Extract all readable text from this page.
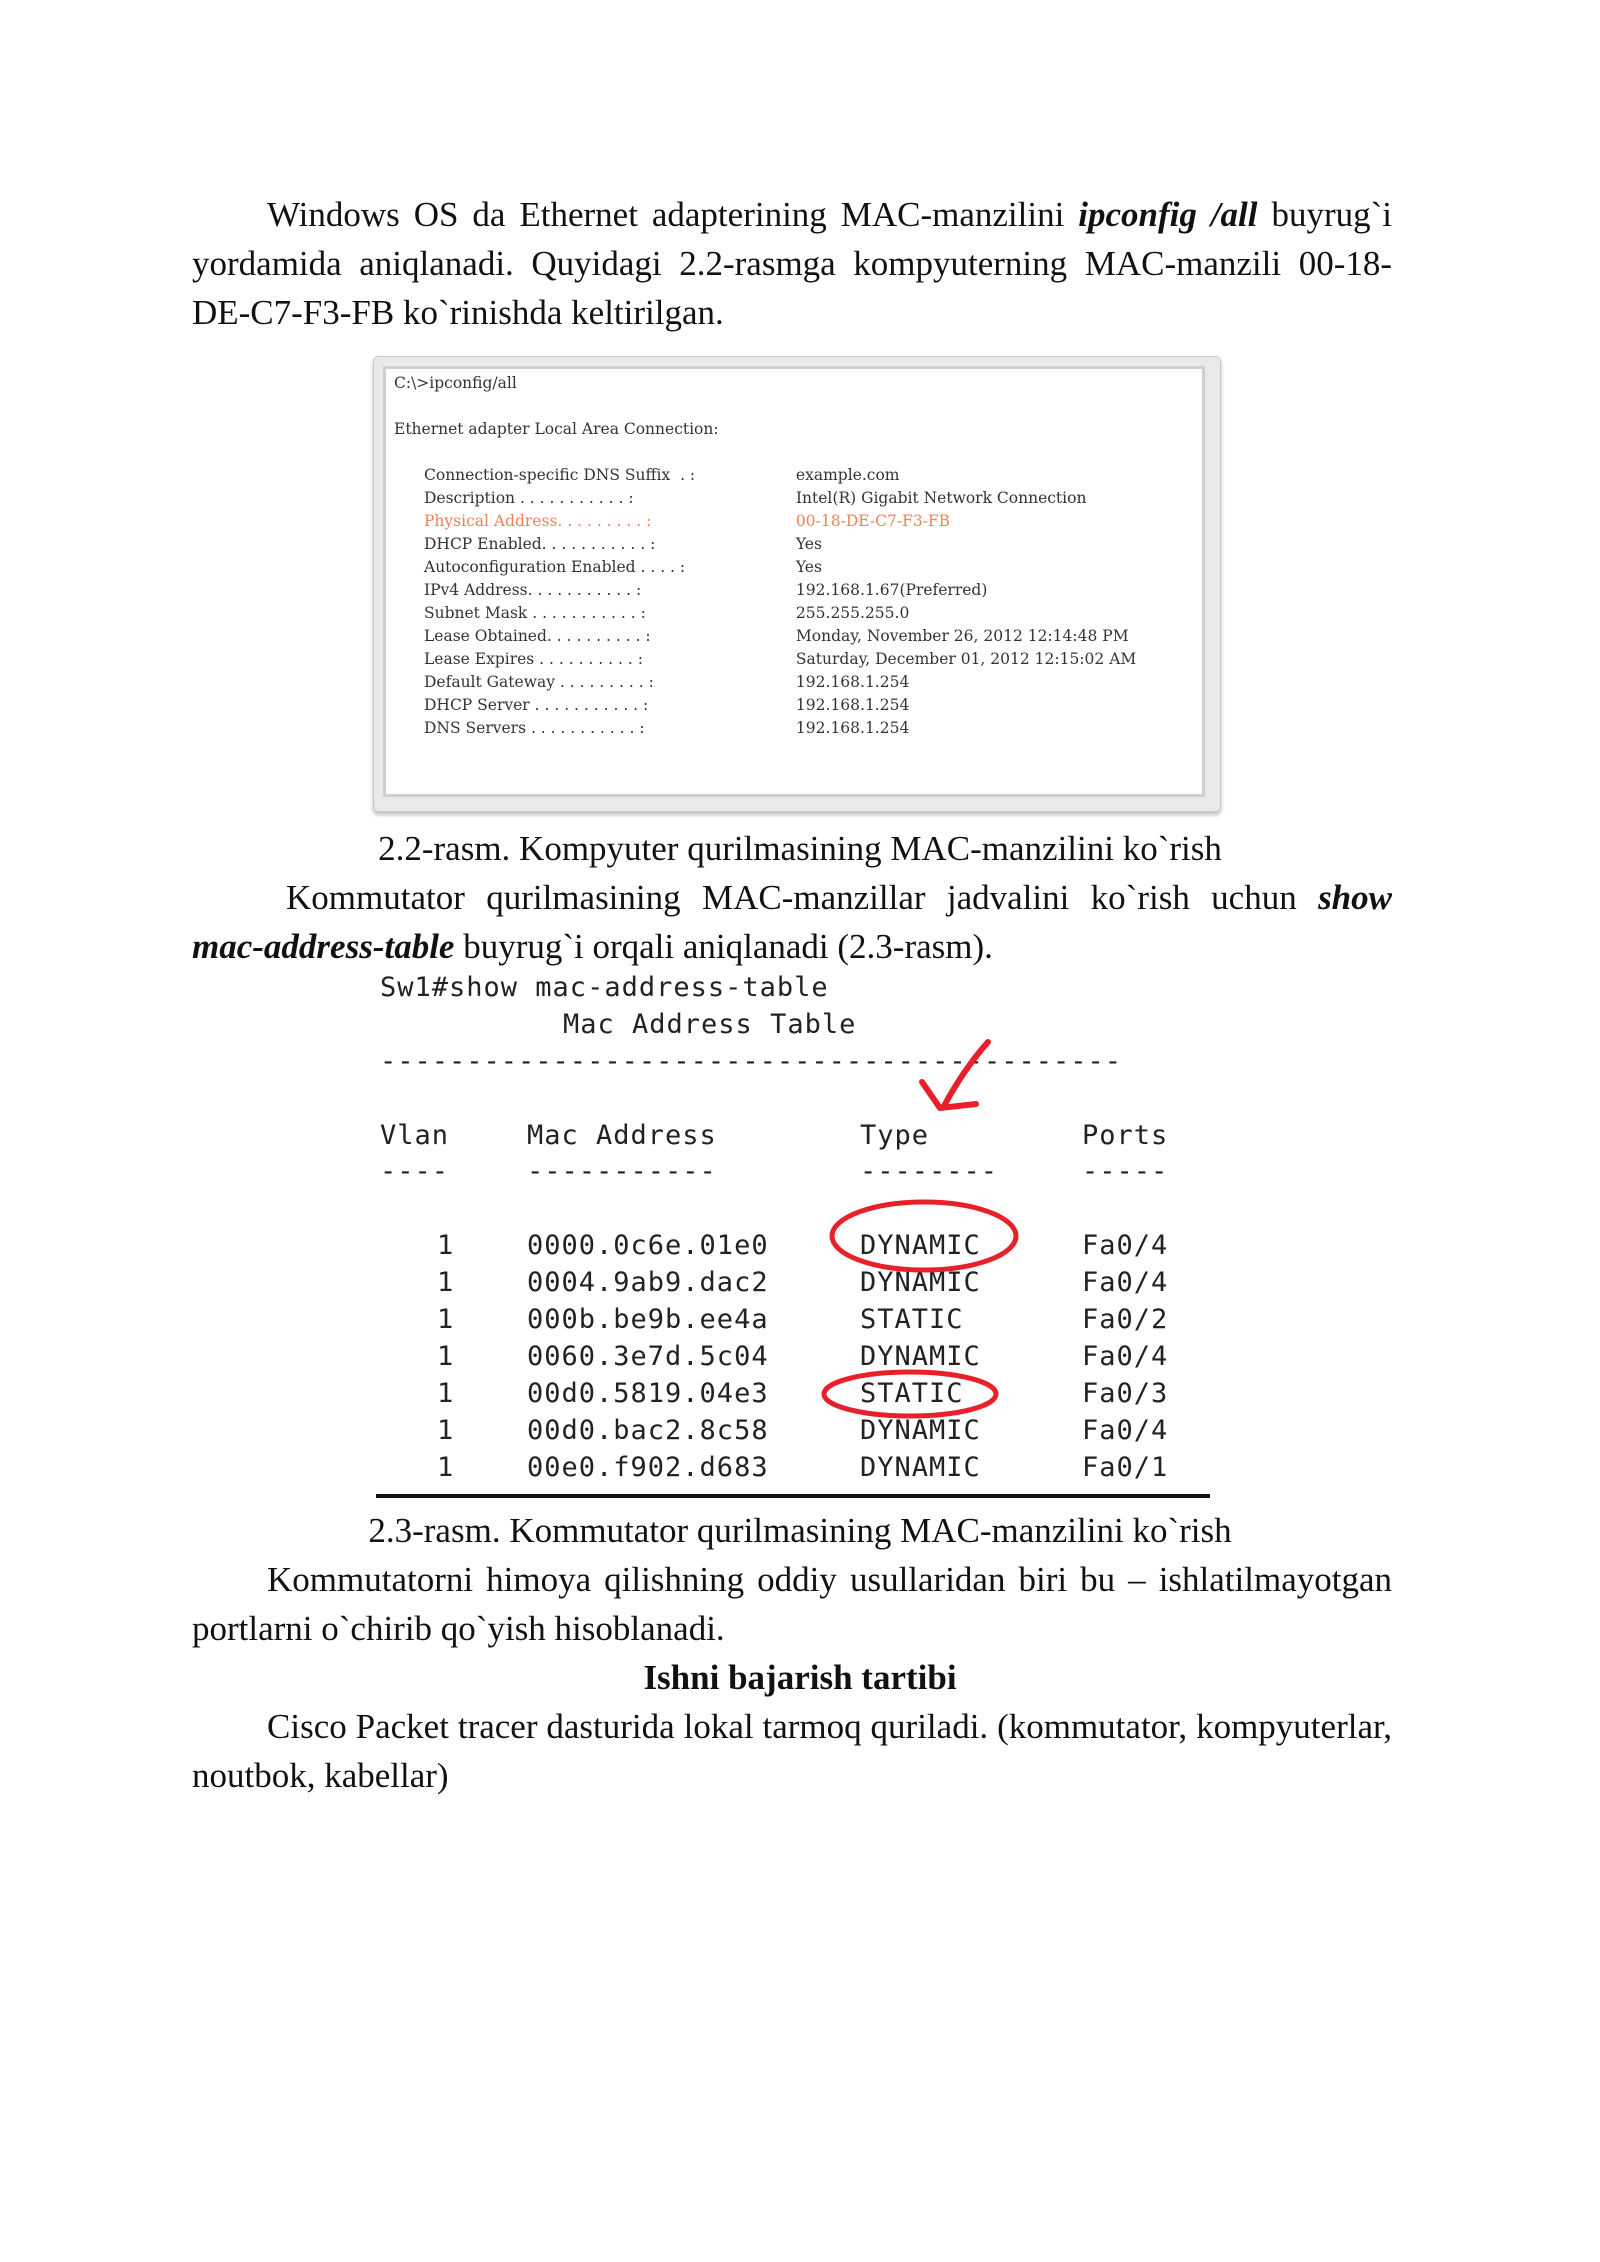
Windows OS da Ethernet adapterining MAC-manzilini ipconfig /all buyrug`i yordamida aniqlanadi. Quyidagi 2.2-rasmga kompyuterning MAC-manzili 00-18-DE-C7-F3-FB ko`rinishda keltirilgan.
C:\>ipconfig/all
Ethernet adapter Local Area Connection:
Connection-specific DNS Suffix  . :	example.com
Description . . . . . . . . . . . :	Intel(R) Gigabit Network Connection
Physical Address. . . . . . . . . :	00-18-DE-C7-F3-FB
DHCP Enabled. . . . . . . . . . . :	Yes
Autoconfiguration Enabled . . . . :	Yes
IPv4 Address. . . . . . . . . . . :	192.168.1.67(Preferred)
Subnet Mask . . . . . . . . . . . :	255.255.255.0
Lease Obtained. . . . . . . . . . :	Monday, November 26, 2012 12:14:48 PM
Lease Expires . . . . . . . . . . :	Saturday, December 01, 2012 12:15:02 AM
Default Gateway . . . . . . . . . :	192.168.1.254
DHCP Server . . . . . . . . . . . :	192.168.1.254
DNS Servers . . . . . . . . . . . :	192.168.1.254
2.2-rasm. Kompyuter qurilmasining MAC-manzilini ko`rish
Kommutator qurilmasining MAC-manzillar jadvalini ko`rish uchun show mac-address-table buyrug`i orqali aniqlanadi (2.3-rasm).
Sw1#show mac-address-table
Mac Address Table
-------------------------------------------
Vlan	Mac Address	Type	Ports
----	-----------	--------	-----
1	0000.0c6e.01e0	DYNAMIC	Fa0/4
1	0004.9ab9.dac2	DYNAMIC	Fa0/4
1	000b.be9b.ee4a	STATIC	Fa0/2
1	0060.3e7d.5c04	DYNAMIC	Fa0/4
1	00d0.5819.04e3	STATIC	Fa0/3
1	00d0.bac2.8c58	DYNAMIC	Fa0/4
1	00e0.f902.d683	DYNAMIC	Fa0/1
2.3-rasm. Kommutator qurilmasining MAC-manzilini ko`rish
Kommutatorni himoya qilishning oddiy usullaridan biri bu – ishlatilmayotgan portlarni o`chirib qo`yish hisoblanadi.
Ishni bajarish tartibi
Cisco Packet tracer dasturida lokal tarmoq quriladi. (kommutator, kompyuterlar, noutbok, kabellar)
